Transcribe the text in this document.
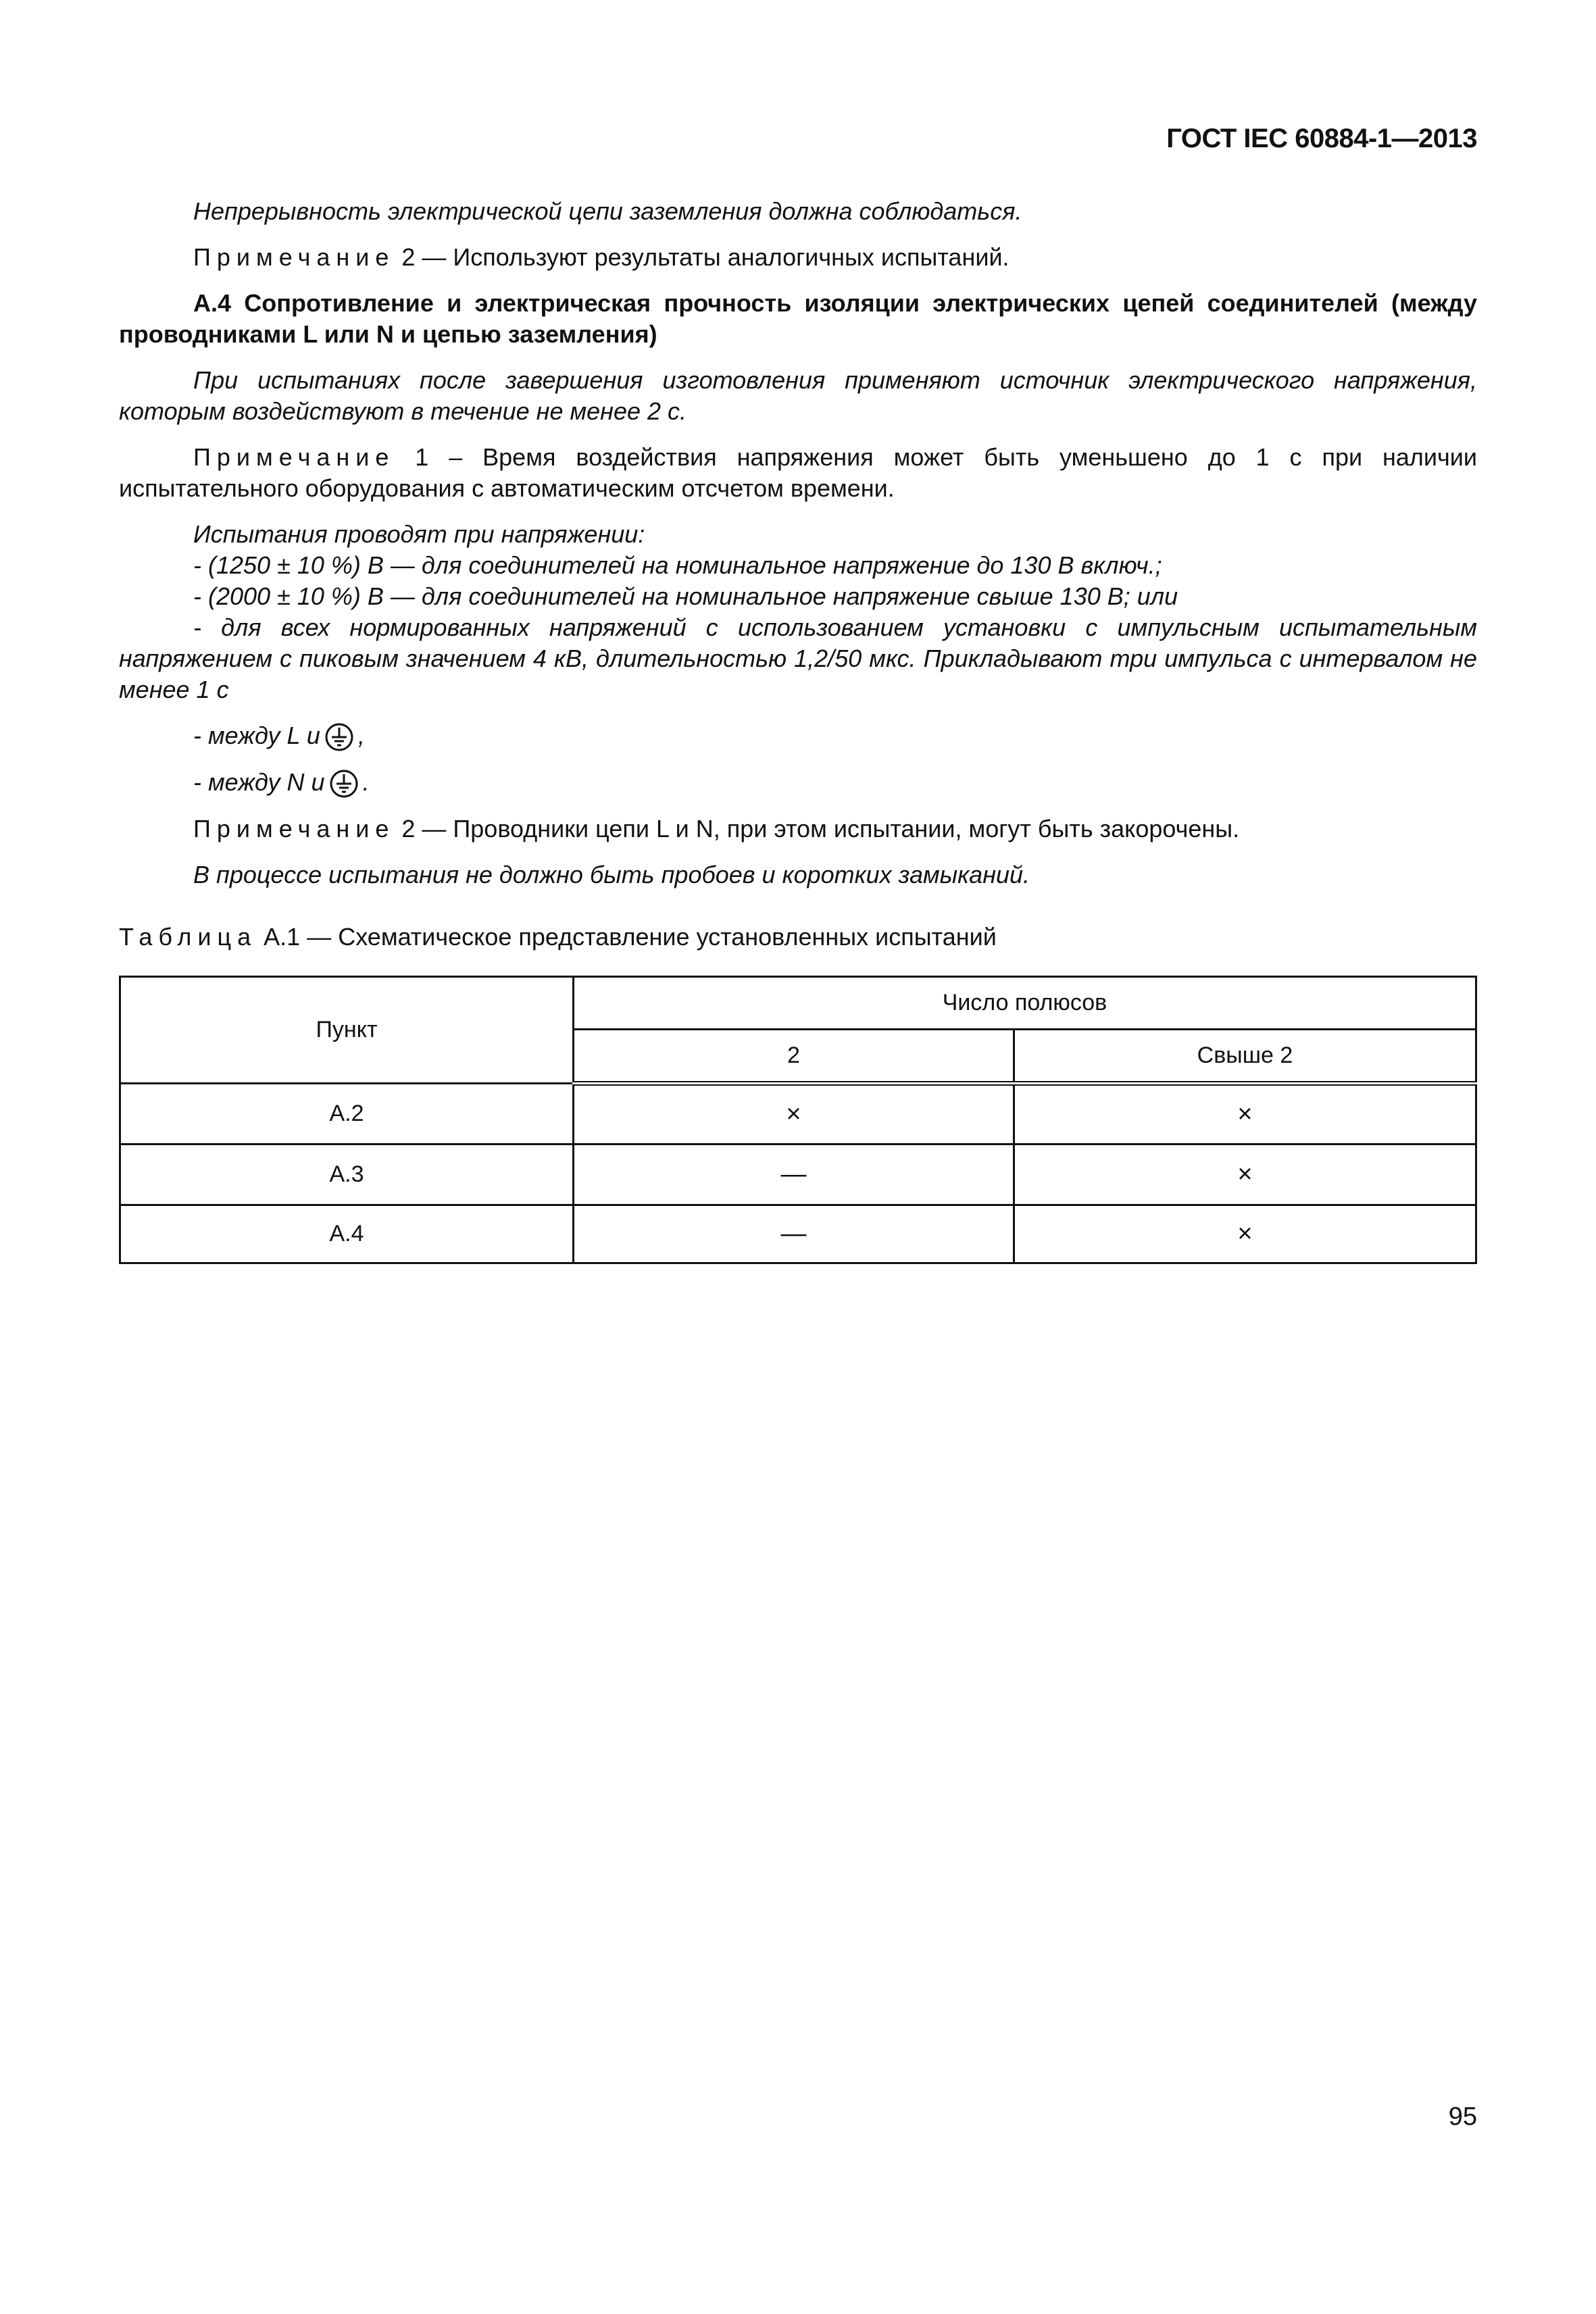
ГОСТ IEC 60884-1—2013

Непрерывность электрической цепи заземления должна соблюдаться.

Примечание 2 — Используют результаты аналогичных испытаний.

А.4 Сопротивление и электрическая прочность изоляции электрических цепей соединителей (между проводниками L или N и цепью заземления)

При испытаниях после завершения изготовления применяют источник электрического напряжения, которым воздействуют в течение не менее 2 с.

Примечание 1 – Время воздействия напряжения может быть уменьшено до 1 с при наличии испытательного оборудования с автоматическим отсчетом времени.

Испытания проводят при напряжении:

- (1250 ± 10 %) В — для соединителей на номинальное напряжение до 130 В включ.;

- (2000 ± 10 %) В — для соединителей на номинальное напряжение свыше 130 В; или

- для всех нормированных напряжений с использованием установки с импульсным испытательным напряжением с пиковым значением 4 кВ, длительностью 1,2/50 мкс. Прикладывают три импульса с интервалом не менее 1 с

- между L и ,

- между N и .

Примечание 2 — Проводники цепи L и N, при этом испытании, могут быть закорочены.

В процессе испытания не должно быть пробоев и коротких замыканий.

Таблица А.1 — Схематическое представление установленных испытаний

Пункт	Число полюсов	
	2	Свыше 2
А.2	×	×
А.3	—	×
А.4	—	×
95
